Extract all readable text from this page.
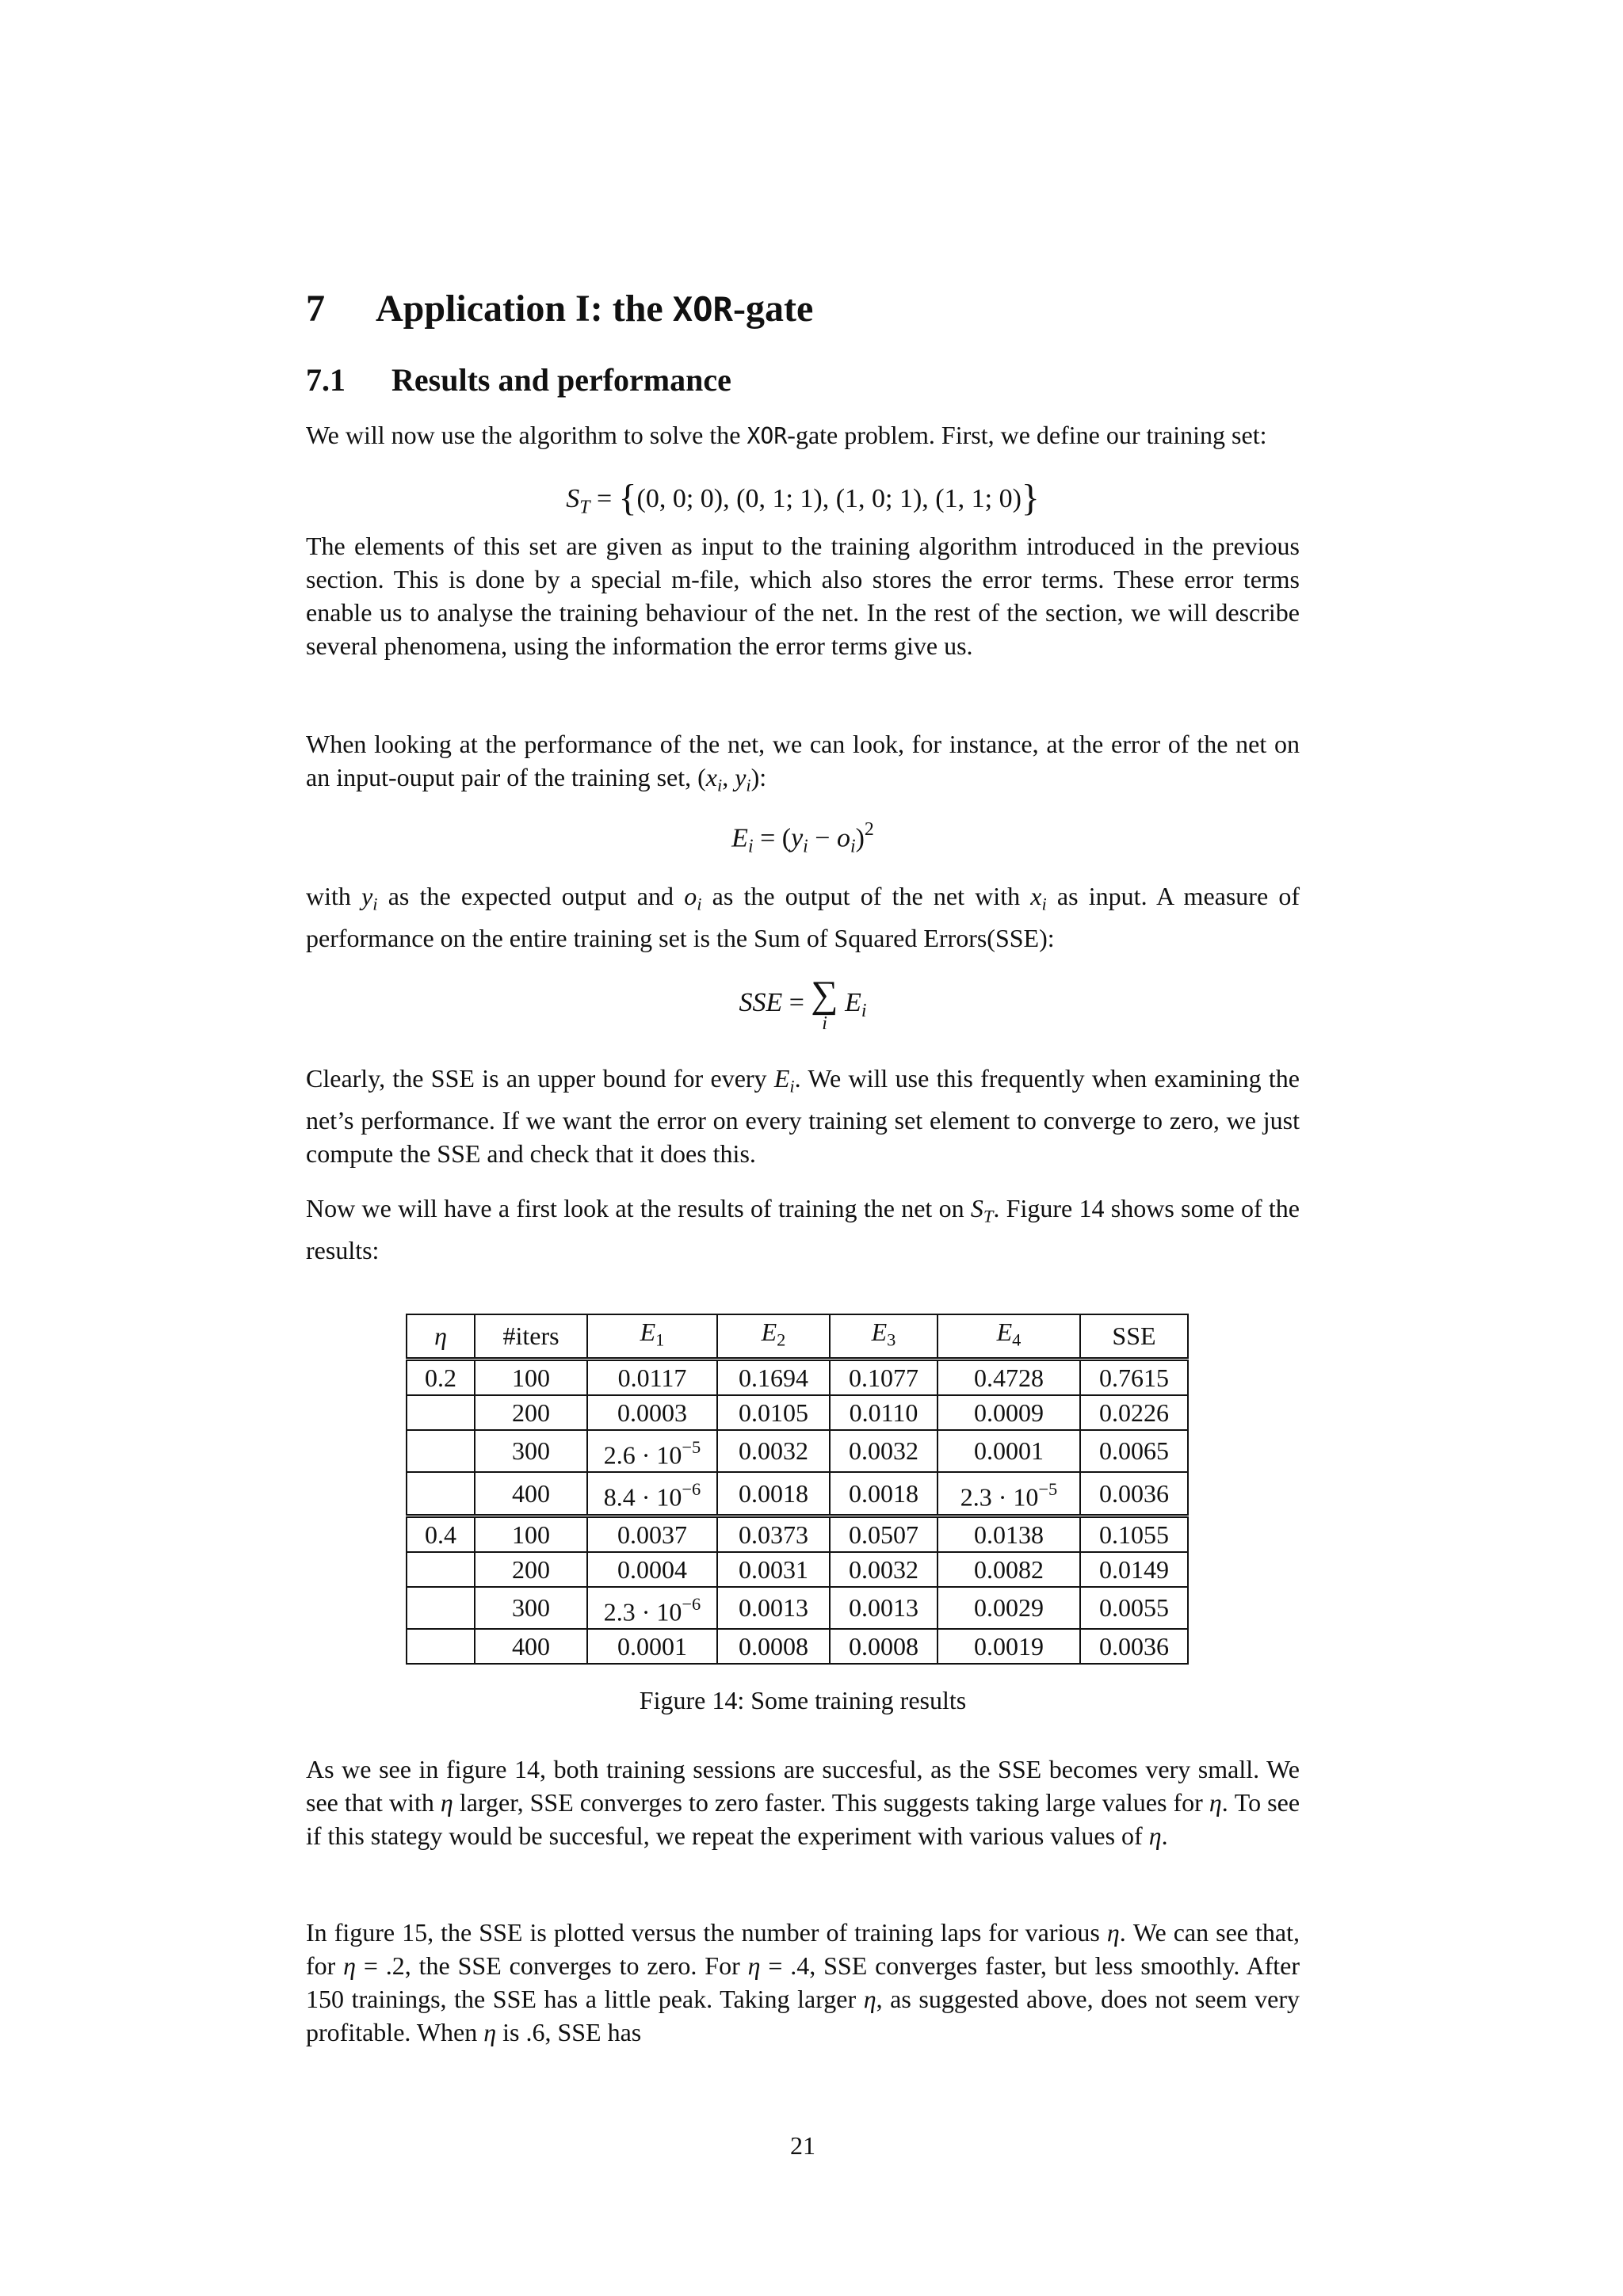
7 Application I: the XOR-gate
7.1 Results and performance

We will now use the algorithm to solve the XOR-gate problem. First, we define our training set:

$S_T = \{(0$, 0; 0), (0, 1; 1), (1, 0; 1), (1, 1; 0)}

The elements of this set are given as input to the training algorithm introduced in the previous section. This is done by a special m-file, which also stores the error terms. These error terms enable us to analyse the training behaviour of the net. In the rest of the section, we will describe several phenomena, using the information the error terms give us.

When looking at the performance of the net, we can look, for instance, at the error of the net on an input-ouput pair of the training set, ($x_i$, $y_i$):

$E_i = (y_i - o_i)^2$

with $y_i$ as the expected output and $o_i$ as the output of the net with $x_i$ as input. A measure of performance on the entire training set is the Sum of Squared Errors(SSE):

SSE = ∑
i
$E_i$

Clearly, the SSE is an upper bound for every $E_i$. We will use this frequently when examining the net’s performance. If we want the error on every training set element to converge to zero, we just compute the SSE and check that it does this.

Now we will have a first look at the results of training the net on $S_T$. Figure 14 shows some of the results:

η	#iters	$E_1$	$E_2$	$E_3$	$E_4$	SSE
0.2	100	0.0117	0.1694	0.1077	0.4728	0.7615
	200	0.0003	0.0105	0.0110	0.0009	0.0226
	300	$2.6 \cdot 10^{-5}$	0.0032	0.0032	0.0001	0.0065
	400	$8.4 \cdot 10^{-6}$	0.0018	0.0018	$2.3 \cdot 10^{-5}$	0.0036
0.4	100	0.0037	0.0373	0.0507	0.0138	0.1055
	200	0.0004	0.0031	0.0032	0.0082	0.0149
	300	$2.3 \cdot 10^{-6}$	0.0013	0.0013	0.0029	0.0055
	400	0.0001	0.0008	0.0008	0.0019	0.0036

Figure 14: Some training results

As we see in figure 14, both training sessions are succesful, as the SSE becomes very small. We see that with η larger, SSE converges to zero faster. This suggests taking large values for η. To see if this stategy would be succesful, we repeat the experiment with various values of η.

In figure 15, the SSE is plotted versus the number of training laps for various η. We can see that, for η = .2, the SSE converges to zero. For η = .4, SSE converges faster, but less smoothly. After 150 trainings, the SSE has a little peak. Taking larger η, as suggested above, does not seem very profitable. When η is .6, SSE has

21
